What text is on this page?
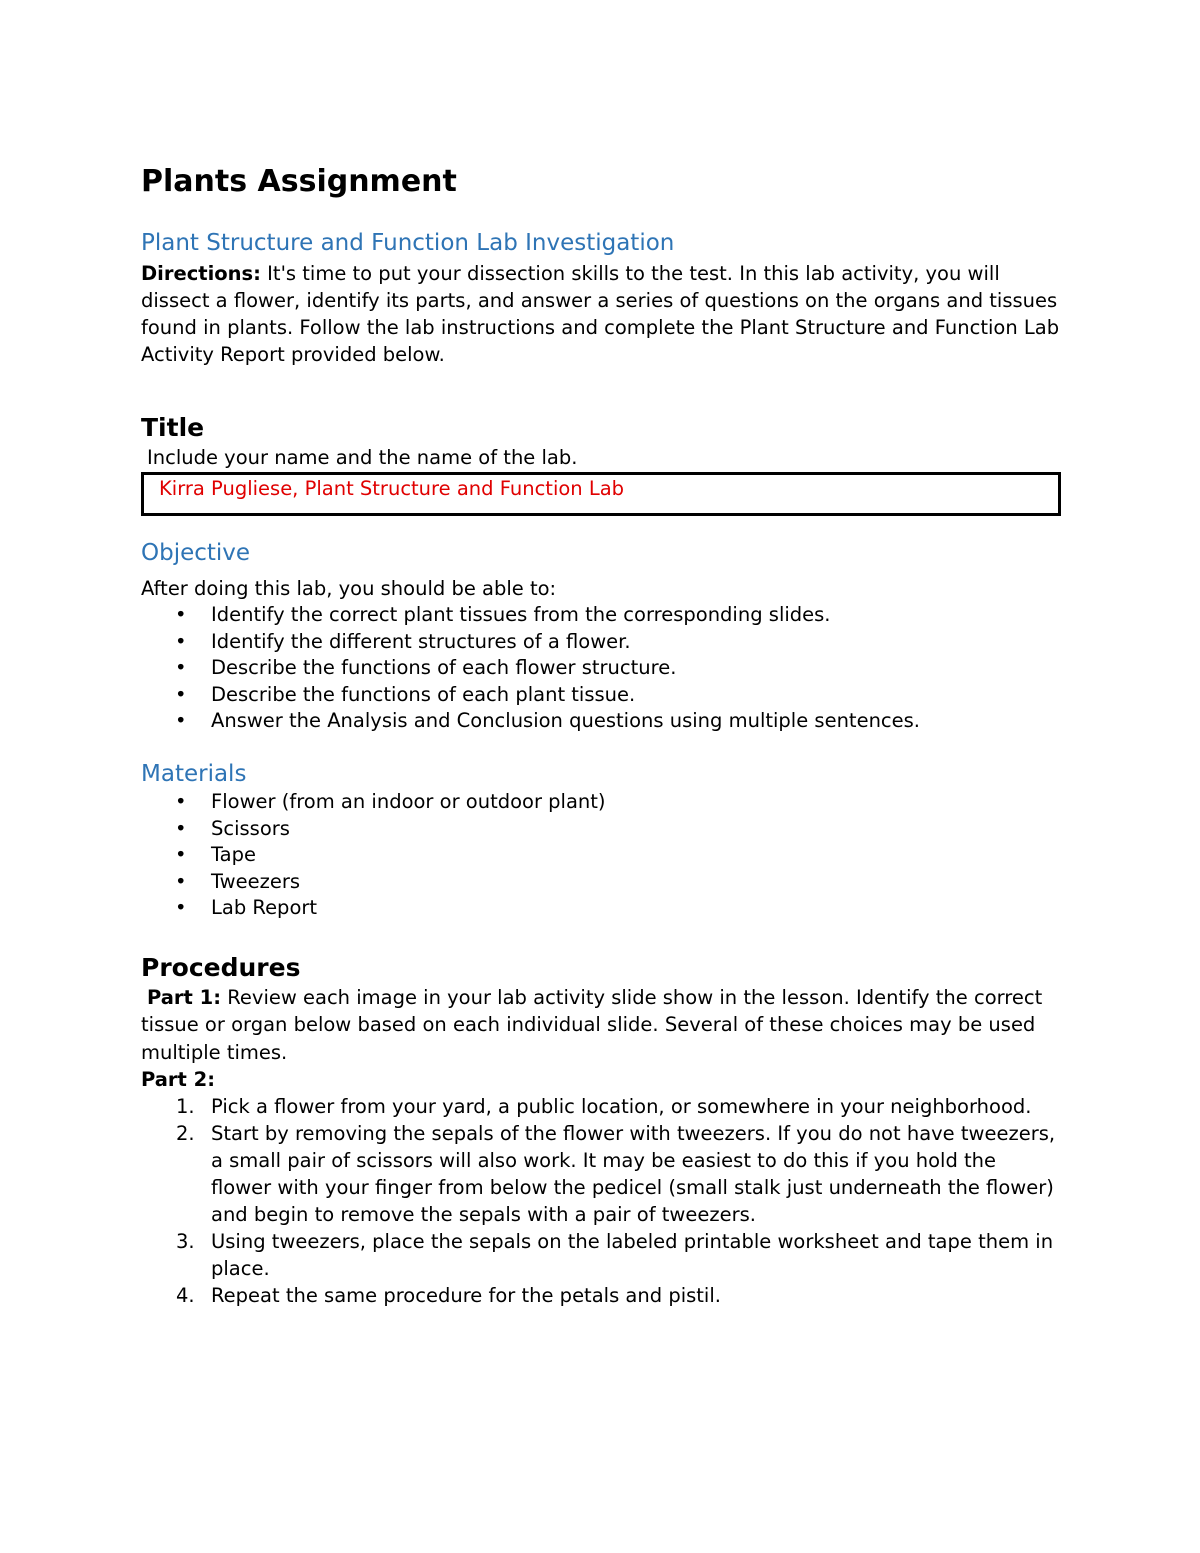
Plants Assignment
Plant Structure and Function Lab Investigation

Directions: It's time to put your dissection skills to the test. In this lab activity, you will dissect a flower, identify its parts, and answer a series of questions on the organs and tissues found in plants. Follow the lab instructions and complete the Plant Structure and Function Lab Activity Report provided below.

Title
Include your name and the name of the lab.
Kirra Pugliese, Plant Structure and Function Lab
Objective

After doing this lab, you should be able to:

• Identify the correct plant tissues from the corresponding slides.
• Identify the different structures of a flower.
• Describe the functions of each flower structure.
• Describe the functions of each plant tissue.
• Answer the Analysis and Conclusion questions using multiple sentences.
Materials
• Flower (from an indoor or outdoor plant)
• Scissors
• Tape
• Tweezers
• Lab Report
Procedures

Part 1: Review each image in your lab activity slide show in the lesson. Identify the correct tissue or organ below based on each individual slide. Several of these choices may be used multiple times.

Part 2:

1. Pick a flower from your yard, a public location, or somewhere in your neighborhood.
2. Start by removing the sepals of the flower with tweezers. If you do not have tweezers, a small pair of scissors will also work. It may be easiest to do this if you hold the flower with your finger from below the pedicel (small stalk just underneath the flower) and begin to remove the sepals with a pair of tweezers.
3. Using tweezers, place the sepals on the labeled printable worksheet and tape them in place.
4. Repeat the same procedure for the petals and pistil.
